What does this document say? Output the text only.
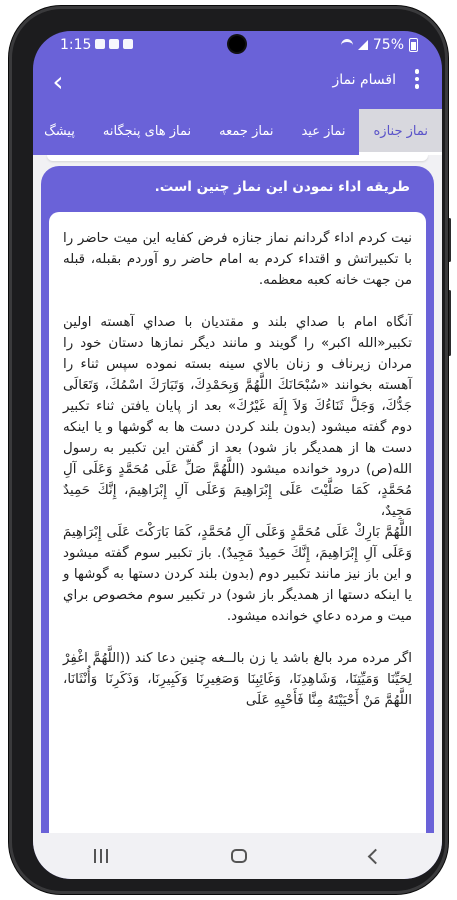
1:15	75%
‹	اقسام نماز
نماز جنازه
نماز عید
نماز جمعه
نماز های پنجگانه
پیشگ
طریقه اداء نمودن این نماز چنین است.

نیت کردم اداء گردانم نماز جنازه فرض کفایه این میت حاضر را با تکبیراتش و اقتداء کردم به امام حاضر رو آوردم بقبله، قبله من جهت خانه کعبه معظمه.

آنگاه امام با صداي بلند و مقتديان با صداي آهسته اولين تكبير«الله اكبر» را گويند و مانند ديگر نمازها دستان خود را مردان زيرناف و زنان بالاي سينه بسته نموده سپس ثناء را آهسته بخوانند «سُبْحَانَكَ اللَّهُمَّ وَبِحَمْدِكَ، وَتَبَارَكَ اسْمُكَ، وَتَعَالَى جَدُّكَ، وَجَلَّ ثَنَاءُكَ وَلاَ إِلَهَ غَيْرُكَ» بعد از پایان یافتن ثناء تکبیر دوم گفته میشود (بدون بلند کردن دست ها به گوشها و یا اینکه دست ها از همدیگر باز شود) بعد از گفتن این تکبیر به رسول الله(ص) درود خوانده میشود (اللَّهُمَّ صَلِّ عَلَى مُحَمَّدٍ وَعَلَى آلِ مُحَمَّدٍ، كَمَا صَلَّيْتَ عَلَى إِبْرَاهِيمَ وَعَلَى آلِ إِبْرَاهِيمَ، إِنَّكَ حَمِيدٌ مَجِيدٌ،
اللَّهُمَّ بَارِكْ عَلَى مُحَمَّدٍ وَعَلَى آلِ مُحَمَّدٍ، كَمَا بَارَكْتَ عَلَى إِبْرَاهِيمَ وَعَلَى آلِ إِبْرَاهِيمَ، إِنَّكَ حَمِيدٌ مَجِيدٌ). باز تکبیر سوم گفته میشود و این باز نیز مانند تکبیر دوم (بدون بلند کردن دستها به گوشها و یا اینکه دستها از همدیگر باز شود) در تکبير سوم مخصوص براي ميت و مرده دعاي خوانده ميشود.

اگر مرده مرد بالغ باشد یا زن بالــغه چنین دعا کند ((اللَّهُمَّ اغْفِرْ لِحَيِّنَا وَمَيِّتِنَا، وَشَاهِدِنَا، وَغَائِبِنَا وَصَغِيرِنَا وَكَبِيرِنَا، وَذَكَرِنَا وَأُنْثَانَا، اللَّهُمَّ مَنْ أَحْيَيْتَهُ مِنَّا فَأَحْيِهِ عَلَى
